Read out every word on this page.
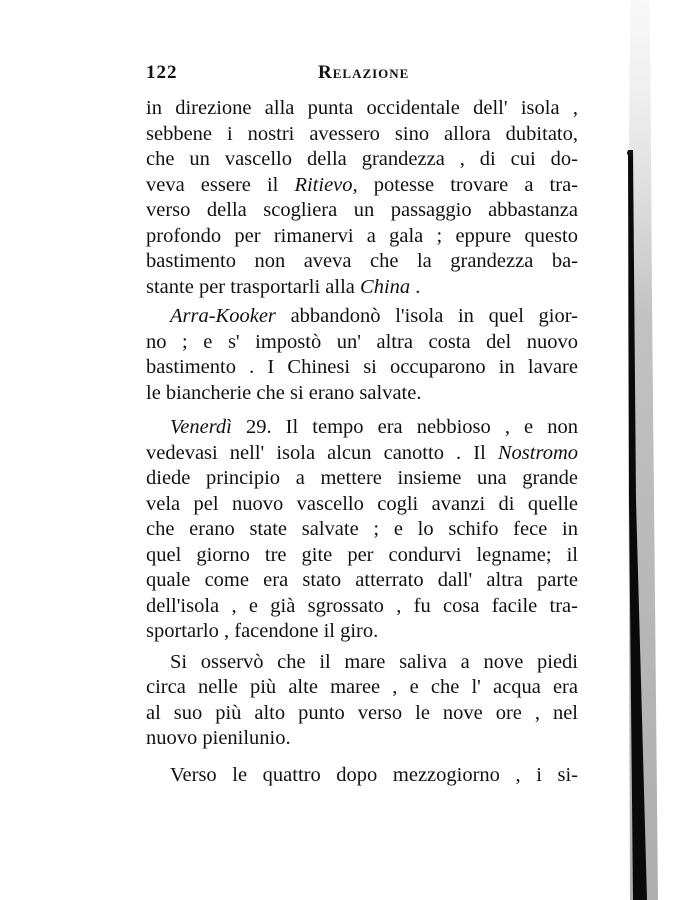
122	Relazione
in direzione alla punta occidentale dell' isola ,
sebbene i nostri avessero sino allora dubitato,
che un vascello della grandezza , di cui do-
veva essere il Ritievo, potesse trovare a tra-
verso della scogliera un passaggio abbastanza
profondo per rimanervi a gala ; eppure questo
bastimento non aveva che la grandezza ba-
stante per trasportarli alla China .
Arra-Kooker abbandonò l'isola in quel gior-
no ; e s' impostò un' altra costa del nuovo
bastimento . I Chinesi si occuparono in lavare
le biancherie che si erano salvate.
Venerdì 29. Il tempo era nebbioso , e non
vedevasi nell' isola alcun canotto . Il Nostromo
diede principio a mettere insieme una grande
vela pel nuovo vascello cogli avanzi di quelle
che erano state salvate ; e lo schifo fece in
quel giorno tre gite per condurvi legname; il
quale come era stato atterrato dall' altra parte
dell'isola , e già sgrossato , fu cosa facile tra-
sportarlo , facendone il giro.
Si osservò che il mare saliva a nove piedi
circa nelle più alte maree , e che l' acqua era
al suo più alto punto verso le nove ore , nel
nuovo pienilunio.
Verso le quattro dopo mezzogiorno , i si-
